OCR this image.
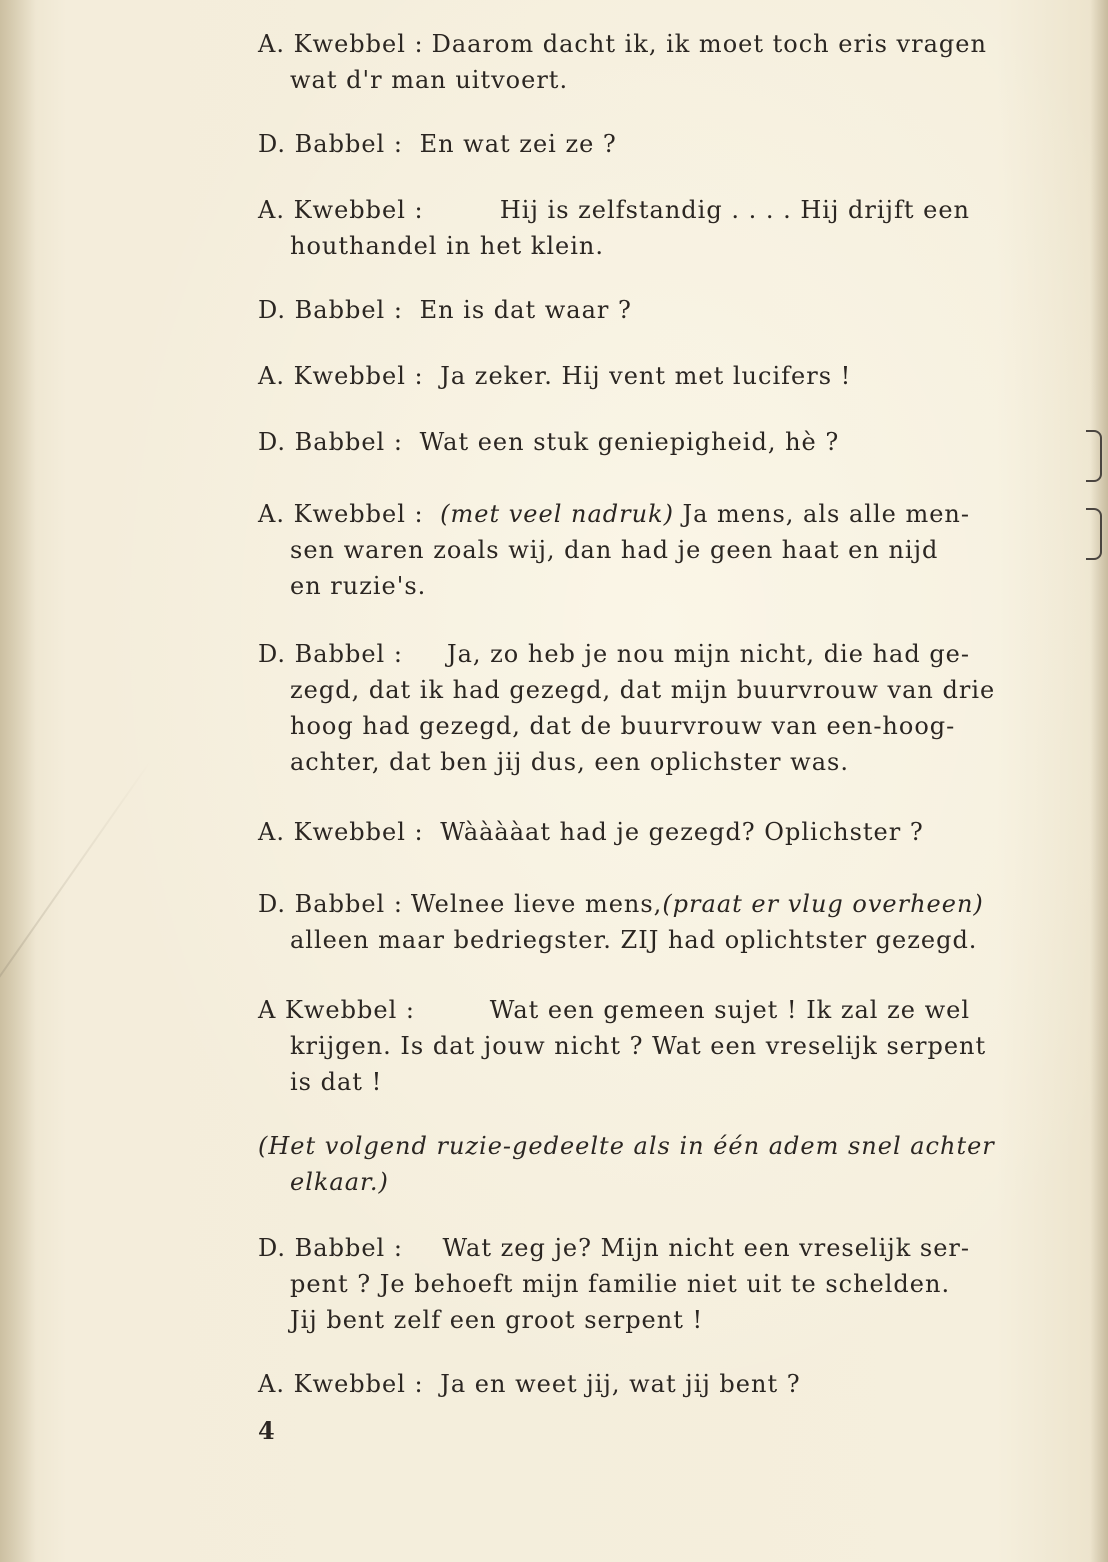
A. Kwebbel : Daarom dacht ik, ik moet toch eris vragen
wat d'r man uitvoert.
D. Babbel : En wat zei ze ?
A. Kwebbel :	Hij is zelfstandig . . . . Hij drijft een
houthandel in het klein.
D. Babbel : En is dat waar ?
A. Kwebbel : Ja zeker. Hij vent met lucifers !
D. Babbel : Wat een stuk geniepigheid, hè ?
A. Kwebbel : (met veel nadruk) Ja mens, als alle men-
sen waren zoals wij, dan had je geen haat en nijd
en ruzie's.
D. Babbel : Ja, zo heb je nou mijn nicht, die had ge-
zegd, dat ik had gezegd, dat mijn buurvrouw van drie
hoog had gezegd, dat de buurvrouw van een-hoog-
achter, dat ben jij dus, een oplichster was.
A. Kwebbel : Wààààat had je gezegd? Oplichster ?
D. Babbel : Welnee lieve mens, (praat er vlug overheen)
alleen maar bedriegster. ZIJ had oplichtster gezegd.
A Kwebbel :	Wat een gemeen sujet ! Ik zal ze wel
krijgen. Is dat jouw nicht ? Wat een vreselijk serpent
is dat !
(Het volgend ruzie-gedeelte als in één adem snel achter
elkaar.)
D. Babbel : Wat zeg je? Mijn nicht een vreselijk ser-
pent ? Je behoeft mijn familie niet uit te schelden.
Jij bent zelf een groot serpent !
A. Kwebbel : Ja en weet jij, wat jij bent ?
4
